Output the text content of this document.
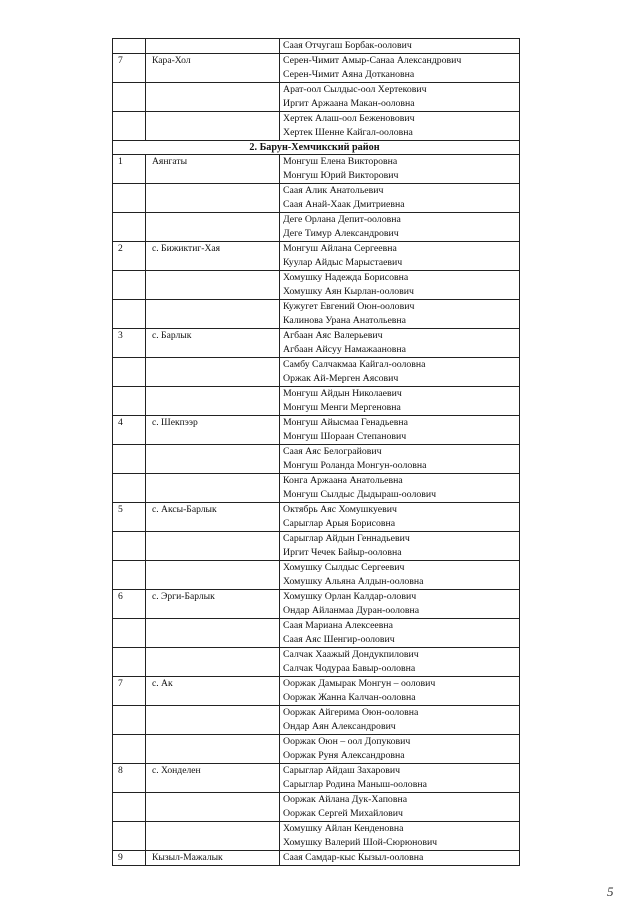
		Саая Отчугаш Борбак-оолович

7	Кара-Хол	Серен-Чимит Амыр-Санаа Александрович
Серен-Чимит Аяна Доткановна

		Арат-оол Сылдыс-оол Хертекович
Иргит Аржаана Макан-ооловна

		Хертек Алаш-оол Беженовович
Хертек Шенне Кайгал-ооловна

2. Барун-Хемчикский район		
1	Аянгаты	Монгуш Елена Викторовна
Монгуш Юрий Викторович

		Саая Алик Анатольевич
Саая Анай-Хаак Дмитриевна

		Деге Орлана Депит-ооловна
Деге Тимур Александрович

2	с. Бижиктиг-Хая	Монгуш Айлана Сергеевна
Куулар Айдыс Марыстаевич

		Хомушку Надежда Борисовна
Хомушку Аян Кырлан-оолович

		Кужугет Евгений Оюн-оолович
Калинова Урана Анатольевна

3	с. Барлык	Агбаан Аяс Валерьевич
Агбаан Айсуу Намажаановна

		Самбу Салчакмаа Кайгал-ооловна
Оржак Ай-Мерген Аясович

		Монгуш Айдын Николаевич
Монгуш Менги Мергеновна

4	с. Шекпээр	Монгуш Айысмаа Генадьевна
Монгуш Шораан Степанович

		Саая Аяс Белограйович
Монгуш Роланда Монгун-ооловна

		Конга Аржаана Анатольевна
Монгуш Сылдыс Дыдыраш-оолович

5	с. Аксы-Барлык	Октябрь Аяс Хомушкуевич
Сарыглар Арыя Борисовна

		Сарыглар Айдын Геннадьевич
Иргит Чечек Байыр-ооловна

		Хомушку Сылдыс Сергеевич
Хомушку Альяна Алдын-ооловна

6	с. Эрги-Барлык	Хомушку Орлан Калдар-олович
Ондар Айланмаа Дуран-ооловна

		Саая Мариана Алексеевна
Саая Аяс Шенгир-оолович

		Салчак Хаажый Дондукпилович
Салчак Чодураа Бавыр-ооловна

7	с. Ак	Ооржак Дамырак Монгун – оолович
Ооржак Жанна Калчан-ооловна

		Ооржак Айгерима Оюн-ооловна
Ондар Аян Александрович

		Ооржак Оюн – оол Допукович
Ооржак Руня Александровна

8	с. Хонделен	Сарыглар Айдаш Захарович
Сарыглар Родина Маныш-ооловна

		Ооржак Айлана Дук-Хаповна
Ооржак Сергей Михайлович

		Хомушку Айлан Кенденовна
Хомушку Валерий Шой-Сюрюнович

9	Кызыл-Мажалык	Саая Самдар-кыс Кызыл-ооловна
5
